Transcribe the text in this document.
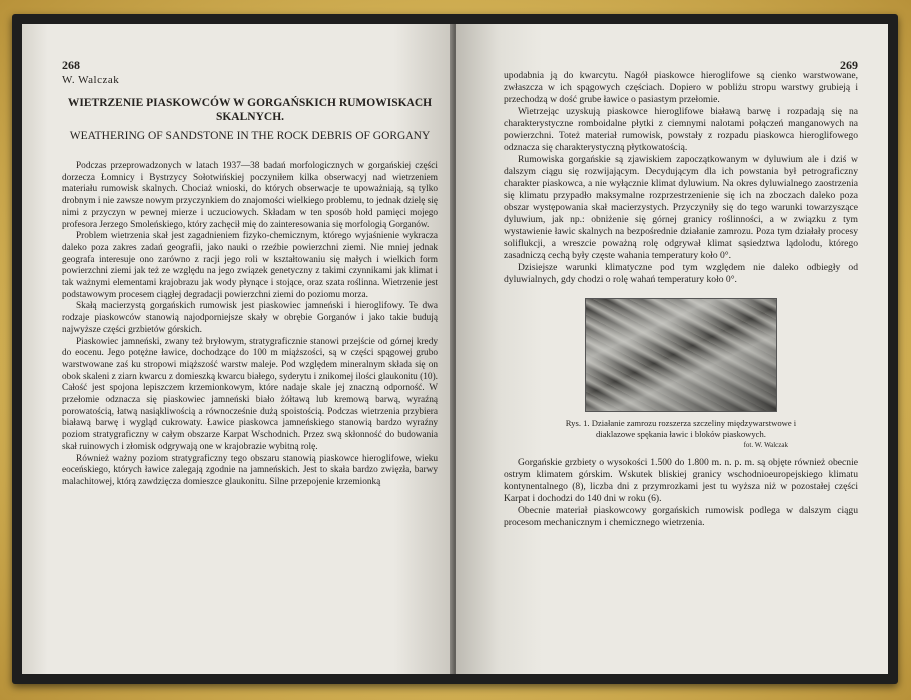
268
W. Walczak
WIETRZENIE PIASKOWCÓW W GORGAŃSKICH RUMOWISKACH SKALNYCH.
WEATHERING OF SANDSTONE IN THE ROCK DEBRIS OF GORGANY

Podczas przeprowadzonych w latach 1937—38 badań morfologicznych w gorgańskiej części dorzecza Łomnicy i Bystrzycy Sołotwińskiej poczyniłem kilka obserwacyj nad wietrzeniem materiału rumowisk skalnych. Chociaż wnioski, do których obserwacje te upoważniają, są tylko drobnym i nie zawsze nowym przyczynkiem do znajomości wielkiego problemu, to jednak dzielę się nimi z przyczyn w pewnej mierze i uczuciowych. Składam w ten sposób hołd pamięci mojego profesora Jerzego Smoleńskiego, który zachęcił mię do zainteresowania się morfologią Gorganów.

Problem wietrzenia skał jest zagadnieniem fizyko-chemicznym, którego wyjaśnienie wykracza daleko poza zakres zadań geografii, jako nauki o rzeźbie powierzchni ziemi. Nie mniej jednak geografa interesuje ono zarówno z racji jego roli w kształtowaniu się małych i wielkich form powierzchni ziemi jak też ze względu na jego związek genetyczny z takimi czynnikami jak klimat i tak ważnymi elementami krajobrazu jak wody płynące i stojące, oraz szata roślinna. Wietrzenie jest podstawowym procesem ciągłej degradacji powierzchni ziemi do poziomu morza.

Skałą macierzystą gorgańskich rumowisk jest piaskowiec jamneński i hieroglifowy. Te dwa rodzaje piaskowców stanowią najodporniejsze skały w obrębie Gorganów i jako takie budują najwyższe części grzbietów górskich.

Piaskowiec jamneński, zwany też bryłowym, stratygraficznie stanowi przejście od górnej kredy do eocenu. Jego potężne ławice, dochodzące do 100 m miąższości, są w części spągowej grubo warstwowane zaś ku stropowi miąższość warstw maleje. Pod względem mineralnym składa się on obok skaleni z ziarn kwarcu z domieszką kwarcu białego, syderytu i znikomej ilości glaukonitu (10). Całość jest spojona lepiszczem krzemionkowym, które nadaje skale jej znaczną odporność. W przełomie odznacza się piaskowiec jamneński biało żółtawą lub kremową barwą, wyraźną porowatością, łatwą nasiąkliwością a równocześnie dużą spoistością. Podczas wietrzenia przybiera białawą barwę i wygląd cukrowaty. Ławice piaskowca jamneńskiego stanowią bardzo wyraźny poziom stratygraficzny w całym obszarze Karpat Wschodnich. Przez swą skłonność do budowania skał ruinowych i złomisk odgrywają one w krajobrazie wybitną rolę.

Również ważny poziom stratygraficzny tego obszaru stanowią piaskowce hieroglifowe, wieku eoceńskiego, których ławice zalegają zgodnie na jamneńskich. Jest to skała bardzo zwięzła, barwy malachitowej, którą zawdzięcza domieszce glaukonitu. Silne przepojenie krzemionką

269

upodabnia ją do kwarcytu. Nagół piaskowce hieroglifowe są cienko warstwowane, zwłaszcza w ich spągowych częściach. Dopiero w pobliżu stropu warstwy grubieją i przechodzą w dość grube ławice o pasiastym przełomie.

Wietrzejąc uzyskują piaskowce hieroglifowe białawą barwę i rozpadają się na charakterystyczne romboidalne płytki z ciemnymi nalotami połączeń manganowych na powierzchni. Toteż materiał rumowisk, powstały z rozpadu piaskowca hieroglifowego odznacza się charakterystyczną płytkowatością.

Rumowiska gorgańskie są zjawiskiem zapoczątkowanym w dyluwium ale i dziś w dalszym ciągu się rozwijającym. Decydującym dla ich powstania był petrograficzny charakter piaskowca, a nie wyłącznie klimat dyluwium. Na okres dyluwialnego zaostrzenia się klimatu przypadło maksymalne rozprzestrzenienie się ich na zboczach daleko poza obszar występowania skał macierzystych. Przyczyniły się do tego warunki towarzyszące dyluwium, jak np.: obniżenie się górnej granicy roślinności, a w związku z tym wystawienie ławic skalnych na bezpośrednie działanie zamrozu. Poza tym działały procesy soliflukcji, a wreszcie poważną rolę odgrywał klimat sąsiedztwa lądolodu, którego zasadniczą cechą były częste wahania temperatury koło 0°.

Dzisiejsze warunki klimatyczne pod tym względem nie daleko odbiegły od dyluwialnych, gdy chodzi o rolę wahań temperatury koło 0°.

Rys. 1. Działanie zamrozu rozszerza szczeliny międzywarstwowe i diaklazowe spękania ławic i bloków piaskowych.
fot. W. Walczak

Gorgańskie grzbiety o wysokości 1.500 do 1.800 m. n. p. m. są objęte również obecnie ostrym klimatem górskim. Wskutek bliskiej granicy wschodnioeuropejskiego klimatu kontynentalnego (8), liczba dni z przymrozkami jest tu wyższa niż w pozostałej części Karpat i dochodzi do 140 dni w roku (6).

Obecnie materiał piaskowcowy gorgańskich rumowisk podlega w dalszym ciągu procesom mechanicznym i chemicznego wietrzenia.
